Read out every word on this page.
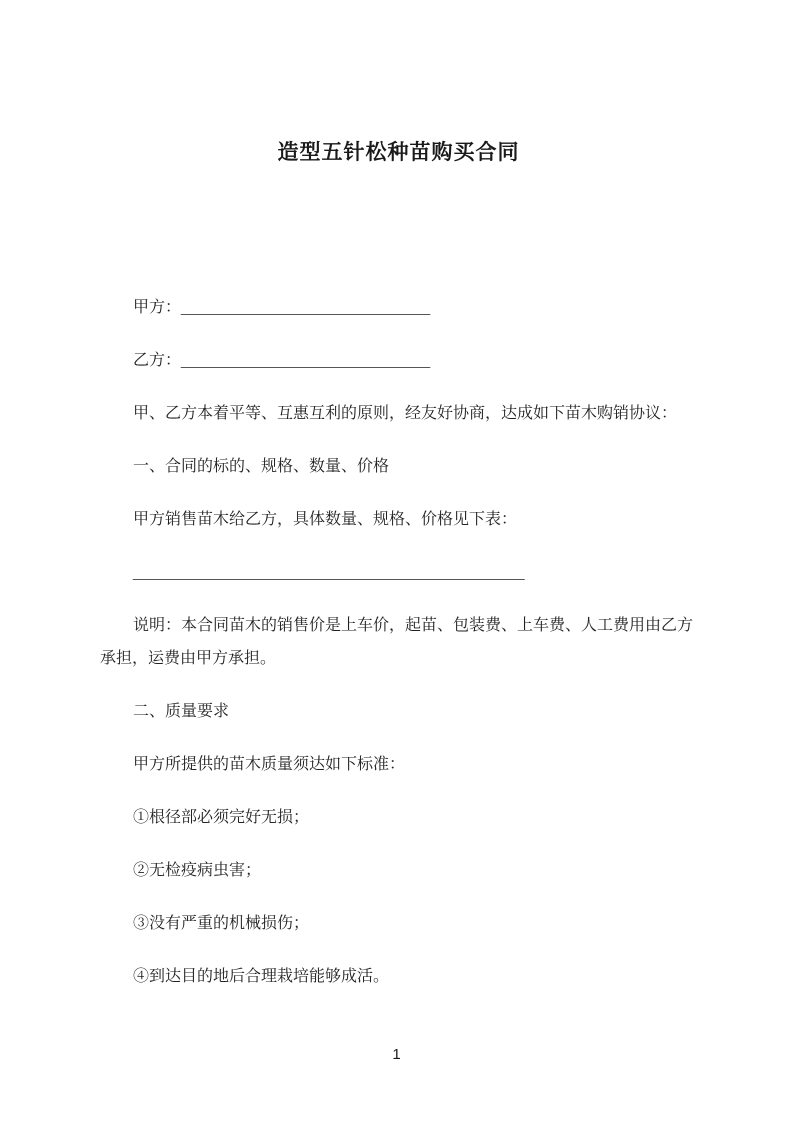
造型五针松种苗购买合同

甲方：____________________________

乙方：____________________________

甲、乙方本着平等、互惠互利的原则，经友好协商，达成如下苗木购销协议：

一、合同的标的、规格、数量、价格

甲方销售苗木给乙方，具体数量、规格、价格见下表：

____________________________________________

说明：本合同苗木的销售价是上车价，起苗、包装费、上车费、人工费用由乙方承担，运费由甲方承担。

二、质量要求

甲方所提供的苗木质量须达如下标准：

①根径部必须完好无损；

②无检疫病虫害；

③没有严重的机械损伤；

④到达目的地后合理栽培能够成活。

1
